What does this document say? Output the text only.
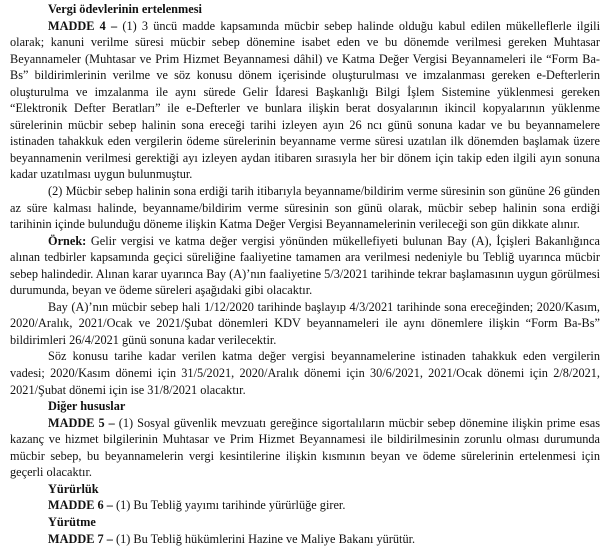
Vergi ödevlerinin ertelenmesi

MADDE 4 – (1) 3 üncü madde kapsamında mücbir sebep halinde olduğu kabul edilen mükelleflerle ilgili olarak; kanuni verilme süresi mücbir sebep dönemine isabet eden ve bu dönemde verilmesi gereken Muhtasar Beyannameler (Muhtasar ve Prim Hizmet Beyannamesi dâhil) ve Katma Değer Vergisi Beyannameleri ile “Form Ba-Bs” bildirimlerinin verilme ve söz konusu dönem içerisinde oluşturulması ve imzalanması gereken e-Defterlerin oluşturulma ve imzalanma ile aynı sürede Gelir İdaresi Başkanlığı Bilgi İşlem Sistemine yüklenmesi gereken “Elektronik Defter Beratları” ile e-Defterler ve bunlara ilişkin berat dosyalarının ikincil kopyalarının yüklenme sürelerinin mücbir sebep halinin sona ereceği tarihi izleyen ayın 26 ncı günü sonuna kadar ve bu beyannamelere istinaden tahakkuk eden vergilerin ödeme sürelerinin beyanname verme süresi uzatılan ilk dönemden başlamak üzere beyannamenin verilmesi gerektiği ayı izleyen aydan itibaren sırasıyla her bir dönem için takip eden ilgili ayın sonuna kadar uzatılması uygun bulunmuştur.

(2) Mücbir sebep halinin sona erdiği tarih itibarıyla beyanname/bildirim verme süresinin son gününe 26 günden az süre kalması halinde, beyanname/bildirim verme süresinin son günü olarak, mücbir sebep halinin sona erdiği tarihinin içinde bulunduğu döneme ilişkin Katma Değer Vergisi Beyannamelerinin verileceği son gün dikkate alınır.

Örnek: Gelir vergisi ve katma değer vergisi yönünden mükellefiyeti bulunan Bay (A), İçişleri Bakanlığınca alınan tedbirler kapsamında geçici süreliğine faaliyetine tamamen ara verilmesi nedeniyle bu Tebliğ uyarınca mücbir sebep halindedir. Alınan karar uyarınca Bay (A)’nın faaliyetine 5/3/2021 tarihinde tekrar başlamasının uygun görülmesi durumunda, beyan ve ödeme süreleri aşağıdaki gibi olacaktır.

Bay (A)’nın mücbir sebep hali 1/12/2020 tarihinde başlayıp 4/3/2021 tarihinde sona ereceğinden; 2020/Kasım, 2020/Aralık, 2021/Ocak ve 2021/Şubat dönemleri KDV beyannameleri ile aynı dönemlere ilişkin “Form Ba-Bs” bildirimleri 26/4/2021 günü sonuna kadar verilecektir.

Söz konusu tarihe kadar verilen katma değer vergisi beyannamelerine istinaden tahakkuk eden vergilerin vadesi; 2020/Kasım dönemi için 31/5/2021, 2020/Aralık dönemi için 30/6/2021, 2021/Ocak dönemi için 2/8/2021, 2021/Şubat dönemi için ise 31/8/2021 olacaktır.

Diğer hususlar

MADDE 5 – (1) Sosyal güvenlik mevzuatı gereğince sigortalıların mücbir sebep dönemine ilişkin prime esas kazanç ve hizmet bilgilerinin Muhtasar ve Prim Hizmet Beyannamesi ile bildirilmesinin zorunlu olması durumunda mücbir sebep, bu beyannamelerin vergi kesintilerine ilişkin kısmının beyan ve ödeme sürelerinin ertelenmesi için geçerli olacaktır.

Yürürlük

MADDE 6 – (1) Bu Tebliğ yayımı tarihinde yürürlüğe girer.

Yürütme

MADDE 7 – (1) Bu Tebliğ hükümlerini Hazine ve Maliye Bakanı yürütür.
